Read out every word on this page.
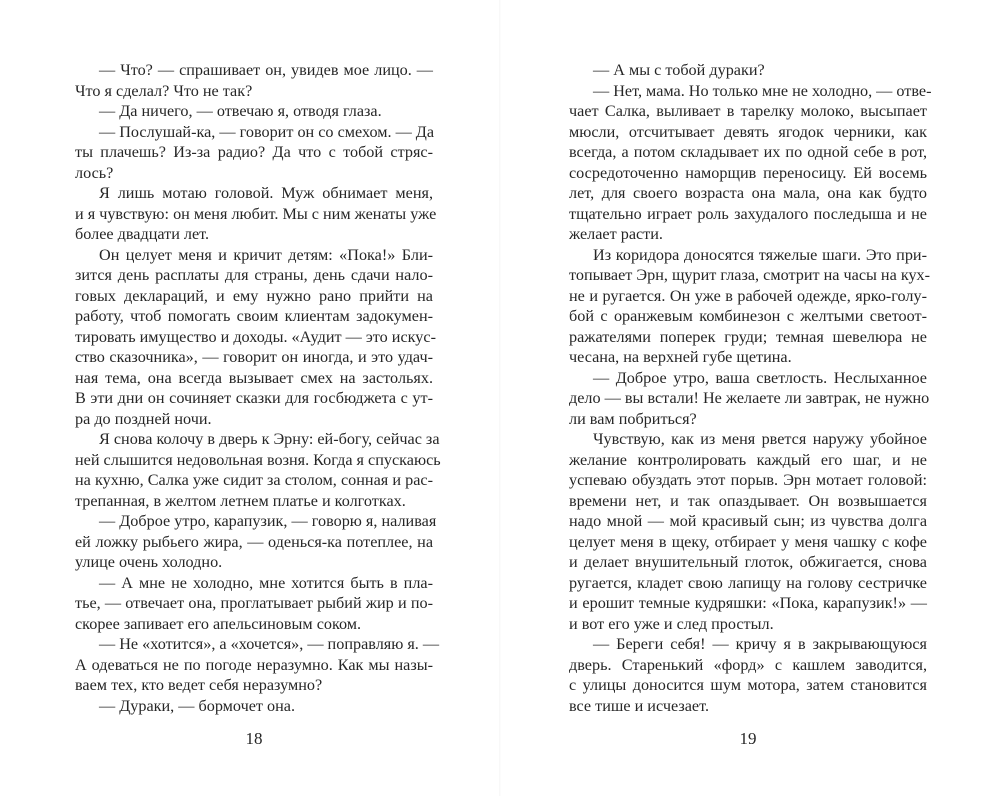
— Что? — спрашивает он, увидев мое лицо. —
Что я сделал? Что не так?
— Да ничего, — отвечаю я, отводя глаза.
— Послушай-ка, — говорит он со смехом. — Да
ты плачешь? Из-за радио? Да что с тобой стряс-
лось?
Я лишь мотаю головой. Муж обнимает меня,
и я чувствую: он меня любит. Мы с ним женаты уже
более двадцати лет.
Он целует меня и кричит детям: «Пока!» Бли-
зится день расплаты для страны, день сдачи нало-
говых деклараций, и ему нужно рано прийти на
работу, чтоб помогать своим клиентам задокумен-
тировать имущество и доходы. «Аудит — это искус-
ство сказочника», — говорит он иногда, и это удач-
ная тема, она всегда вызывает смех на застольях.
В эти дни он сочиняет сказки для госбюджета с ут-
ра до поздней ночи.
Я снова колочу в дверь к Эрну: ей-богу, сейчас за
ней слышится недовольная возня. Когда я спускаюсь
на кухню, Салка уже сидит за столом, сонная и рас-
трепанная, в желтом летнем платье и колготках.
— Доброе утро, карапузик, — говорю я, наливая
ей ложку рыбьего жира, — оденься-ка потеплее, на
улице очень холодно.
— А мне не холодно, мне хотится быть в пла-
тье, — отвечает она, проглатывает рыбий жир и по-
скорее запивает его апельсиновым соком.
— Не «хотится», а «хочется», — поправляю я. —
А одеваться не по погоде неразумно. Как мы назы-
ваем тех, кто ведет себя неразумно?
— Дураки, — бормочет она.
— А мы с тобой дураки?
— Нет, мама. Но только мне не холодно, — отве-
чает Салка, выливает в тарелку молоко, высыпает
мюсли, отсчитывает девять ягодок черники, как
всегда, а потом складывает их по одной себе в рот,
сосредоточенно наморщив переносицу. Ей восемь
лет, для своего возраста она мала, она как будто
тщательно играет роль захудалого последыша и не
желает расти.
Из коридора доносятся тяжелые шаги. Это при-
топывает Эрн, щурит глаза, смотрит на часы на кух-
не и ругается. Он уже в рабочей одежде, ярко-голу-
бой с оранжевым комбинезон с желтыми светоот-
ражателями поперек груди; темная шевелюра не
чесана, на верхней губе щетина.
— Доброе утро, ваша светлость. Неслыханное
дело — вы встали! Не желаете ли завтрак, не нужно
ли вам побриться?
Чувствую, как из меня рвется наружу убойное
желание контролировать каждый его шаг, и не
успеваю обуздать этот порыв. Эрн мотает головой:
времени нет, и так опаздывает. Он возвышается
надо мной — мой красивый сын; из чувства долга
целует меня в щеку, отбирает у меня чашку с кофе
и делает внушительный глоток, обжигается, снова
ругается, кладет свою лапищу на голову сестричке
и ерошит темные кудряшки: «Пока, карапузик!» —
и вот его уже и след простыл.
— Береги себя! — кричу я в закрывающуюся
дверь. Старенький «форд» с кашлем заводится,
с улицы доносится шум мотора, затем становится
все тише и исчезает.
18	19
